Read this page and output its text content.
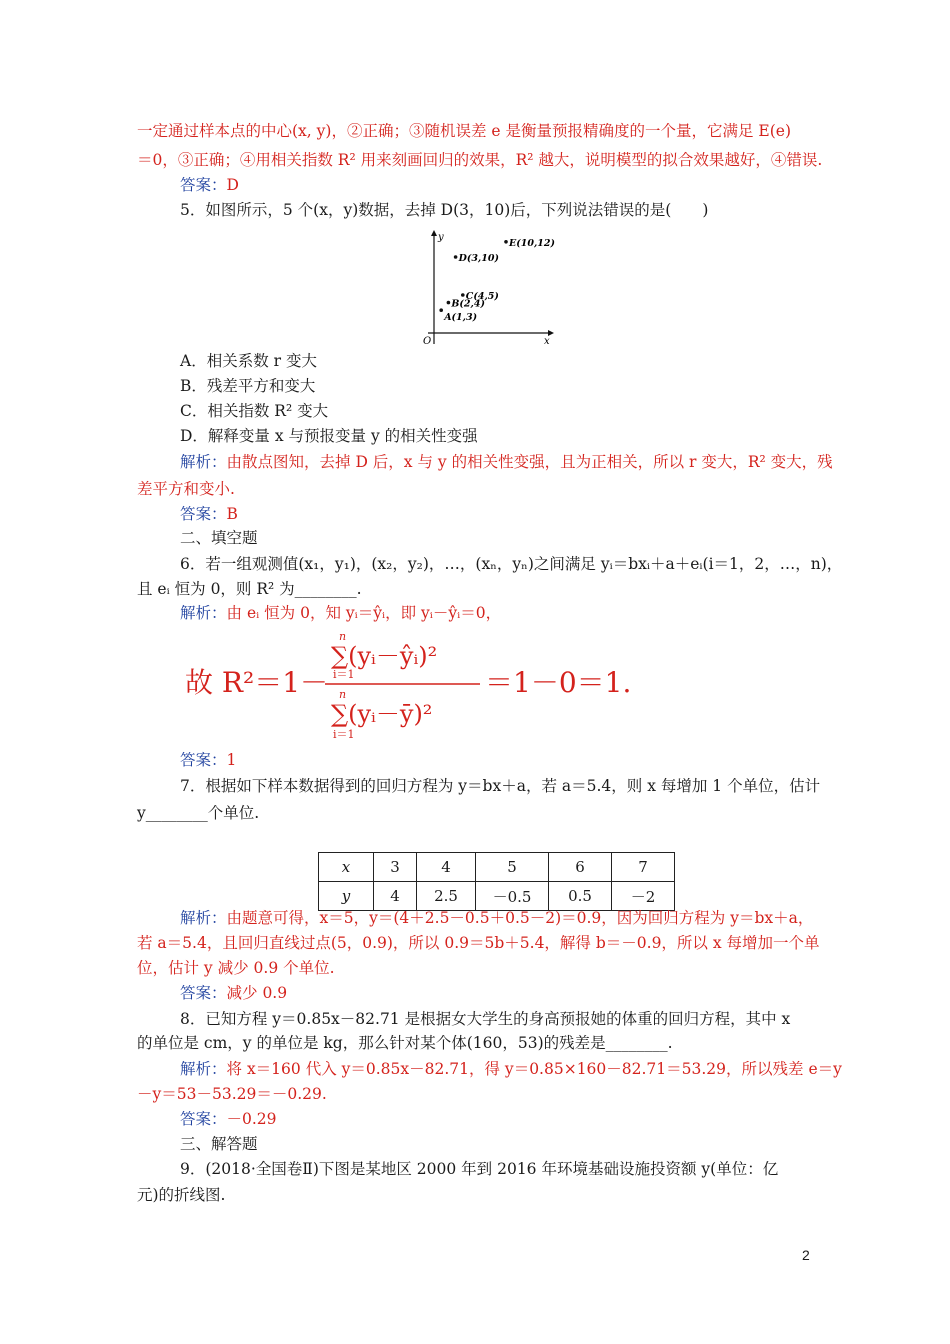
一定通过样本点的中心(x, y)，②正确；③随机误差 e 是衡量预报精确度的一个量，它满足 E(e)
＝0，③正确；④用相关指数 R² 用来刻画回归的效果，R² 越大，说明模型的拟合效果越好，④错误.
答案：D
5．如图所示，5 个(x，y)数据，去掉 D(3，10)后，下列说法错误的是(　　)
x
y
O
A(1,3)
B(2,4)
C(4,5)
D(3,10)
E(10,12)
A．相关系数 r 变大
B．残差平方和变大
C．相关指数 R² 变大
D．解释变量 x 与预报变量 y 的相关性变强
解析：由散点图知，去掉 D 后，x 与 y 的相关性变强，且为正相关，所以 r 变大，R² 变大，残
差平方和变小.
答案：B
二、填空题
6．若一组观测值(x₁，y₁)，(x₂，y₂)，…，(xₙ，yₙ)之间满足 yᵢ＝bxᵢ＋a＋eᵢ(i＝1，2，…，n)，
且 eᵢ 恒为 0，则 R² 为________.
解析：由 eᵢ 恒为 0，知 yᵢ＝ŷᵢ，即 yᵢ－ŷᵢ＝0，
故 R²＝1－
n
∑(yᵢ－ŷᵢ)²
i＝1
n
∑(yᵢ－ȳ)²
i＝1
＝1－0＝1.
答案：1
7．根据如下样本数据得到的回归方程为 y＝bx＋a，若 a＝5.4，则 x 每增加 1 个单位，估计
y________个单位.
x	3	4	5	6	7
y	4	2.5	－0.5	0.5	－2
解析：由题意可得，x＝5，y＝(4＋2.5－0.5＋0.5－2)＝0.9，因为回归方程为 y＝bx＋a，
若 a＝5.4，且回归直线过点(5，0.9)，所以 0.9＝5b＋5.4，解得 b＝－0.9，所以 x 每增加一个单
位，估计 y 减少 0.9 个单位.
答案：减少 0.9
8．已知方程 y＝0.85x－82.71 是根据女大学生的身高预报她的体重的回归方程，其中 x
的单位是 cm，y 的单位是 kg，那么针对某个体(160，53)的残差是________.
解析：将 x＝160 代入 y＝0.85x－82.71，得 y＝0.85×160－82.71＝53.29，所以残差 e＝y
－y＝53－53.29＝－0.29.
答案：－0.29
三、解答题
9．(2018·全国卷Ⅱ)下图是某地区 2000 年到 2016 年环境基础设施投资额 y(单位：亿
元)的折线图.
2
